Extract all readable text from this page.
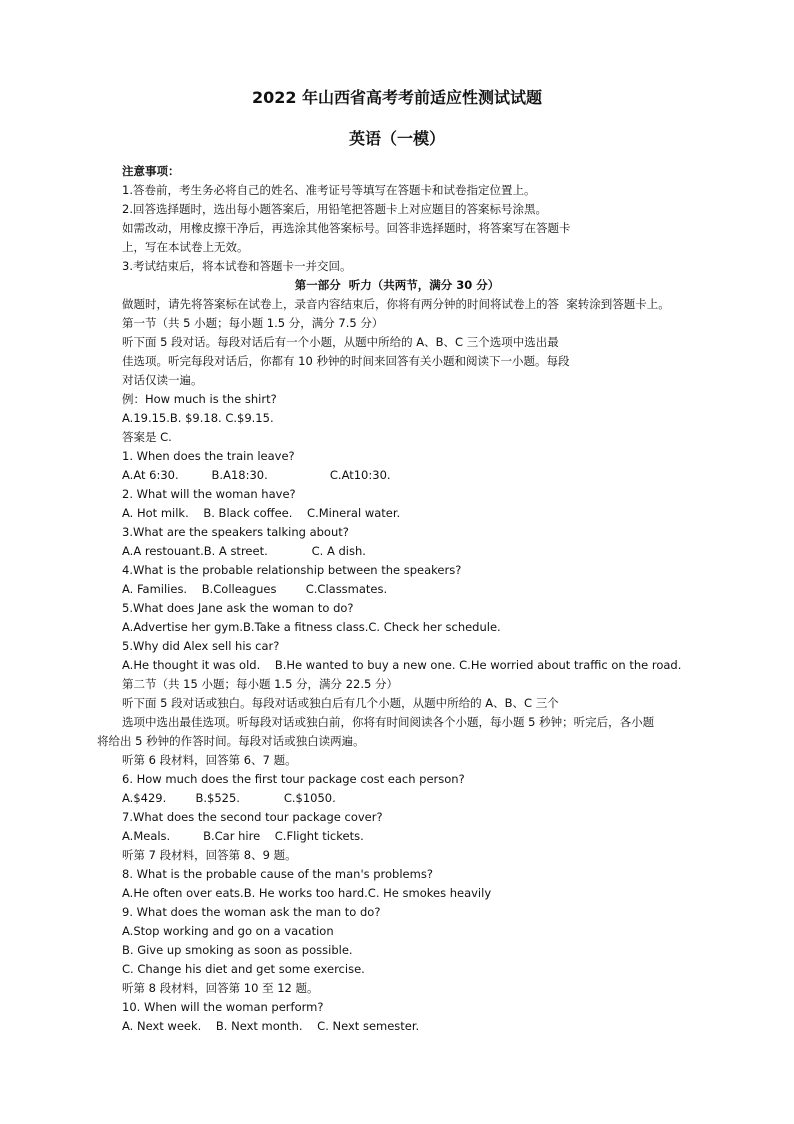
2022 年山西省高考考前适应性测试试题
英语（一模）
注意事项：
1.答卷前，考生务必将自己的姓名、准考证号等填写在答题卡和试卷指定位置上。
2.回答选择题时，选出每小题答案后，用铅笔把答题卡上对应题目的答案标号涂黑。
如需改动，用橡皮擦干净后，再选涂其他答案标号。回答非选择题时，将答案写在答题卡
上，写在本试卷上无效。
3.考试结束后，将本试卷和答题卡一并交回。
第一部分  听力（共两节，满分 30 分）
做题时，请先将答案标在试卷上，录音内容结束后，你将有两分钟的时间将试卷上的答  案转涂到答题卡上。
第一节（共 5 小题；每小题 1.5 分，满分 7.5 分）
听下面 5 段对话。每段对话后有一个小题，从题中所给的 A、B、C 三个选项中选出最
佳选项。听完每段对话后，你都有 10 秒钟的时间来回答有关小题和阅读下一小题。每段
对话仅读一遍。
例：How much is the shirt?
A.19.15.B. $9.18. C.$9.15.
答案是 C.
1. When does the train leave?
A.At 6:30.         B.A18:30.                 C.At10:30.
2. What will the woman have?
A. Hot milk.    B. Black coffee.    C.Mineral water.
3.What are the speakers talking about?
A.A restouant.B. A street.            C. A dish.
4.What is the probable relationship between the speakers?
A. Families.    B.Colleagues        C.Classmates.
5.What does Jane ask the woman to do?
A.Advertise her gym.B.Take a fitness class.C. Check her schedule.
5.Why did Alex sell his car?
A.He thought it was old.    B.He wanted to buy a new one. C.He worried about traffic on the road.
第二节（共 15 小题；每小题 1.5 分，满分 22.5 分）
听下面 5 段对话或独白。每段对话或独白后有几个小题，从题中所给的 A、B、C 三个
选项中选出最佳选项。听每段对话或独白前，你将有时间阅读各个小题，每小题 5 秒钟；听完后，各小题
将给出 5 秒钟的作答时间。每段对话或独白读两遍。
听第 6 段材料，回答第 6、7 题。
6. How much does the first tour package cost each person?
A.$429.        B.$525.            C.$1050.
7.What does the second tour package cover?
A.Meals.         B.Car hire    C.Flight tickets.
听第 7 段材料，回答第 8、9 题。
8. What is the probable cause of the man's problems?
A.He often over eats.B. He works too hard.C. He smokes heavily
9. What does the woman ask the man to do?
A.Stop working and go on a vacation
B. Give up smoking as soon as possible.
C. Change his diet and get some exercise.
听第 8 段材料，回答第 10 至 12 题。
10. When will the woman perform?
A. Next week.    B. Next month.    C. Next semester.
